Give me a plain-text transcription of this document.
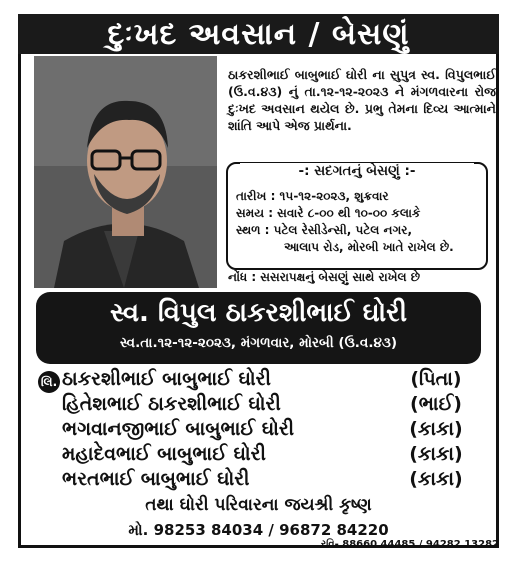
દુઃખદ અવસાન / બેસણું
ઠાકરશીભાઈ બાબુભાઈ ઘોરી ના સુપુત્ર સ્વ. વિપુલભાઈ (ઉ.વ.૪૩) નું તા.૧૨-૧૨-૨૦૨૩ ને મંગળવારના રોજ દુઃખદ અવસાન થયેલ છે. પ્રભુ તેમના દિવ્ય આત્માને શાંતિ આપે એજ પ્રાર્થના.
-: સદગતનું બેસણું :-
તારીખ : ૧૫-૧૨-૨૦૨૩, શુક્રવાર
સમય : સવારે ૮-૦૦ થી ૧૦-૦૦ કલાકે
સ્થળ : પટેલ રેસીડેન્સી, પટેલ નગર,
આલાપ રોડ, મોરબી ખાતે રાખેલ છે.
નોંધ : સસરાપક્ષનું બેસણું સાથે રાખેલ છે
સ્વ. વિપુલ ઠાકરશીભાઈ ઘોરી
સ્વ.તા.૧૨-૧૨-૨૦૨૩, મંગળવાર, મોરબી (ઉ.વ.૪૩)
લિ. ઠાકરશીભાઈ બાબુભાઈ ઘોરી	(પિતા)
હિતેશભાઈ ઠાકરશીભાઈ ઘોરી	(ભાઈ)
ભગવાનજીભાઈ બાબુભાઈ ઘોરી	(કાકા)
મહાદેવભાઈ બાબુભાઈ ઘોરી	(કાકા)
ભરતભાઈ બાબુભાઈ ઘોરી	(કાકા)
તથા ઘોરી પરિવારના જયશ્રી કૃષ્ણ
મો. 98253 84034 / 96872 84220
રવિ- 88660 44485 / 94282 13282
